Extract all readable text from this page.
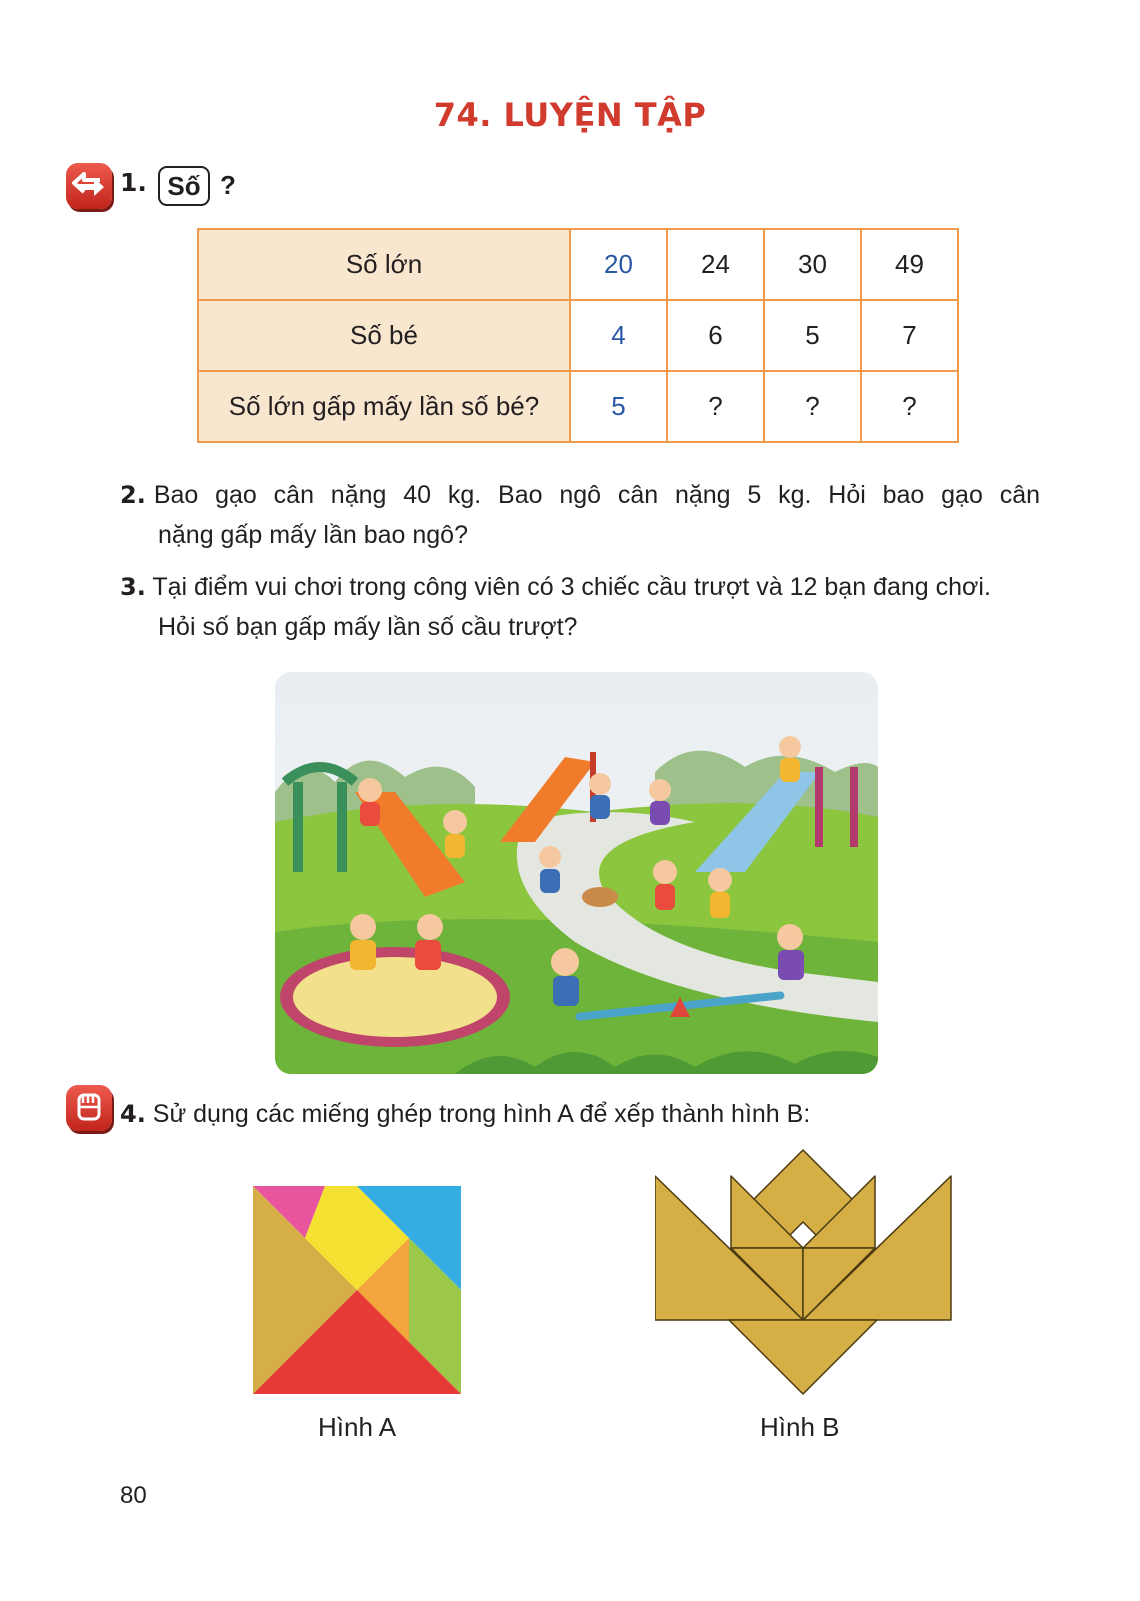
74. LUYỆN TẬP
1. Số ?
Số lớn	20	24	30	49
Số bé	4	6	5	7
Số lớn gấp mấy lần số bé?	5	?	?	?
2. Bao gạo cân nặng 40 kg. Bao ngô cân nặng 5 kg. Hỏi bao gạo cân
nặng gấp mấy lần bao ngô?
3. Tại điểm vui chơi trong công viên có 3 chiếc cầu trượt và 12 bạn đang chơi.
Hỏi số bạn gấp mấy lần số cầu trượt?
4. Sử dụng các miếng ghép trong hình A để xếp thành hình B:
Hình A	Hình B
80
